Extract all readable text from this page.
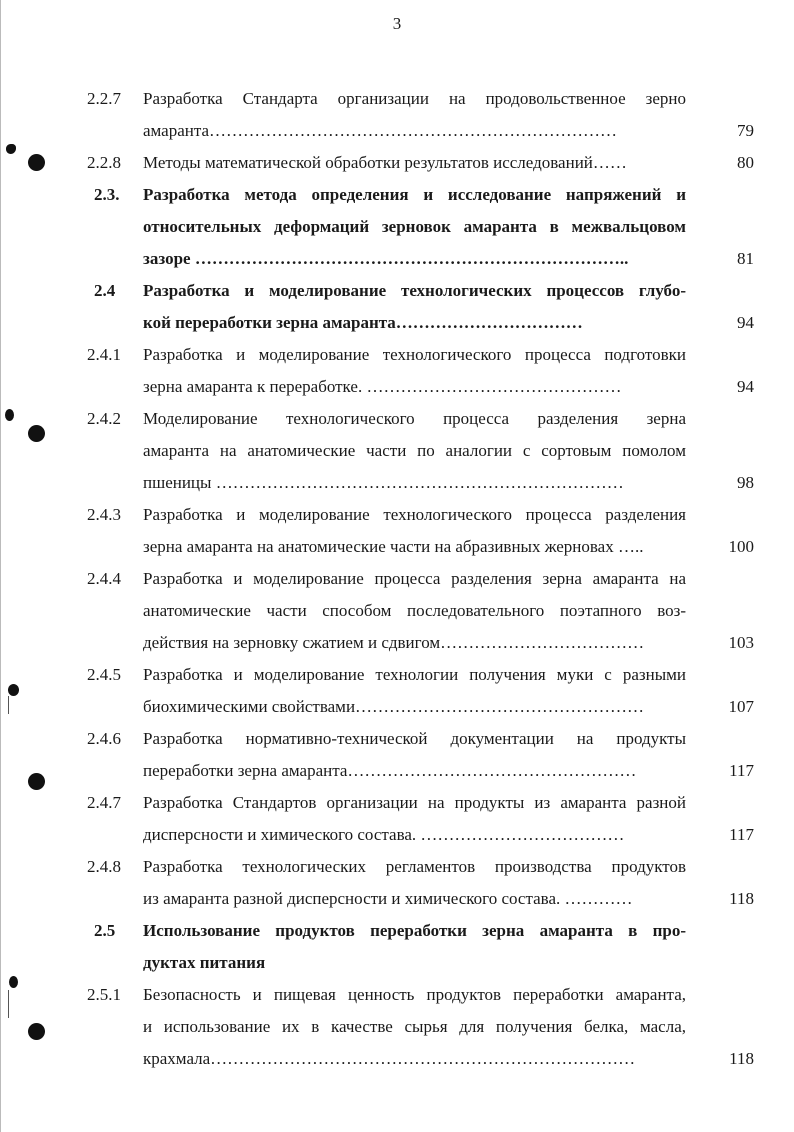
3
2.2.7 Разработка Стандарта организации на продовольственное зерно
амаранта………………………………………………………………	79
2.2.8 Методы математической обработки результатов исследований……	80
2.3. Разработка метода определения и исследование напряжений и
относительных деформаций зерновок амаранта в межвальцовом
зазоре …………………………………………………………………..	81
2.4 Разработка и моделирование технологических процессов глубо-
кой переработки зерна амаранта……………………………	94
2.4.1 Разработка и моделирование технологического процесса подготовки
зерна амаранта к переработке. ………………………………………	94
2.4.2 Моделирование технологического процесса разделения зерна
амаранта на анатомические части по аналогии с сортовым помолом
пшеницы ………………………………………………………………	98
2.4.3 Разработка и моделирование технологического процесса разделения
зерна амаранта на анатомические части на абразивных жерновах …..	100
2.4.4 Разработка и моделирование процесса разделения зерна амаранта на
анатомические части способом последовательного поэтапного воз-
действия на зерновку сжатием и сдвигом………………………………	103
2.4.5 Разработка и моделирование технологии получения муки с разными
биохимическими свойствами……………………………………………	107
2.4.6 Разработка нормативно-технической документации на продукты
переработки зерна амаранта……………………………………………	117
2.4.7 Разработка Стандартов организации на продукты из амаранта разной
дисперсности и химического состава. ………………………………	117
2.4.8 Разработка технологических регламентов производства продуктов
из амаранта разной дисперсности и химического состава. …………	118
2.5 Использование продуктов переработки зерна амаранта в про-
дуктах питания
2.5.1 Безопасность и пищевая ценность продуктов переработки амаранта,
и использование их в качестве сырья для получения белка, масла,
крахмала…………………………………………………………………	118
